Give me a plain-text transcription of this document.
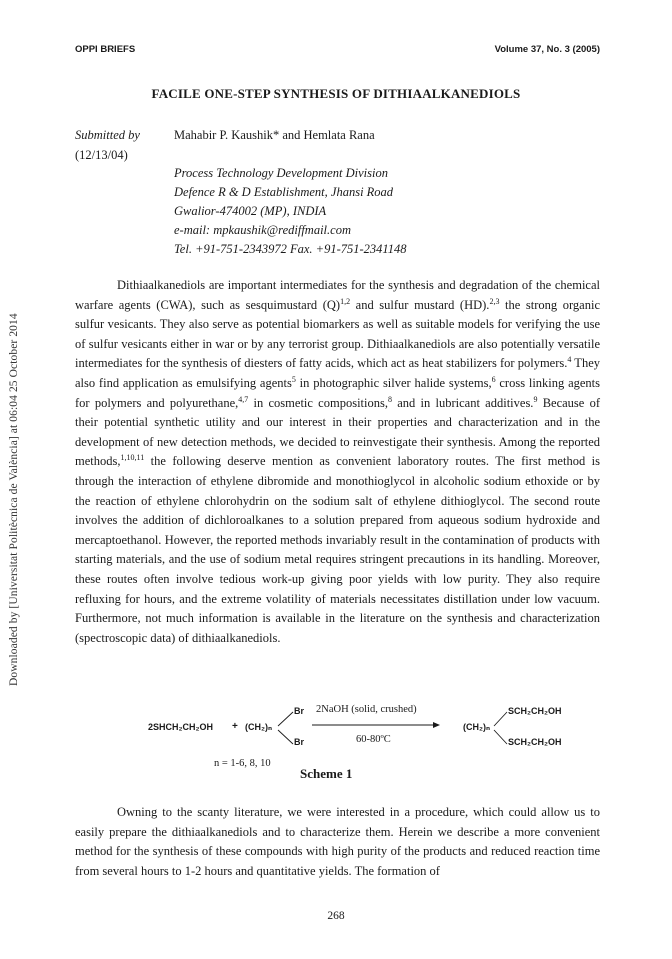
OPPI BRIEFS	Volume 37, No. 3 (2005)
FACILE ONE-STEP SYNTHESIS OF DITHIAALKANEDIOLS
Submitted by
(12/13/04)
Mahabir P. Kaushik* and Hemlata Rana
Process Technology Development Division
Defence R & D Establishment, Jhansi Road
Gwalior-474002 (MP), INDIA
e-mail: mpkaushik@rediffmail.com
Tel. +91-751-2343972 Fax. +91-751-2341148
Downloaded by [Universitat Politècnica de València] at 06:04 25 October 2014

Dithiaalkanediols are important intermediates for the synthesis and degradation of the chemical warfare agents (CWA), such as sesquimustard $(Q)^{1,2}$ and sulfur mustard (HD).$^{2,3}$ the strong organic sulfur vesicants. They also serve as potential biomarkers as well as suitable models for verifying the use of sulfur vesicants either in war or by any terrorist group. Dithiaalkanediols are also potentially versatile intermediates for the synthesis of diesters of fatty acids, which act as heat stabilizers for polymers.$^4$ They also find application as emulsifying agents$^5$ in photographic silver halide systems,$^6$ cross linking agents for polymers and polyurethane,$^{4,7}$ in cosmetic compositions,$^8$ and in lubricant additives.$^9$ Because of their potential synthetic utility and our interest in their properties and characterization and in the development of new detection methods, we decided to reinvestigate their synthesis. Among the reported methods,$^{1,10,11}$ the following deserve mention as convenient laboratory routes. The first method is through the interaction of ethylene dibromide and monothioglycol in alcoholic sodium ethoxide or by the reaction of ethylene chlorohydrin on the sodium salt of ethylene dithioglycol. The second route involves the addition of dichloroalkanes to a solution prepared from aqueous sodium hydroxide and mercaptoethanol. However, the reported methods invariably result in the contamination of products with starting materials, and the use of sodium metal requires stringent precautions in its handling. Moreover, these routes often involve tedious work-up giving poor yields with low purity. They also require refluxing for hours, and the extreme volatility of materials necessitates distillation under low vacuum. Furthermore, not much information is available in the literature on the synthesis and characterization (spectroscopic data) of dithiaalkanediols.

2SHCH₂CH₂OH + (CH₂)ₙ
Br
Br
2NaOH (solid, crushed)
60-80ºC
(CH₂)ₙ
SCH₂CH₂OH
SCH₂CH₂OH
n = 1-6, 8, 10
Scheme 1

Owning to the scanty literature, we were interested in a procedure, which could allow us to easily prepare the dithiaalkanediols and to characterize them. Herein we describe a more convenient method for the synthesis of these compounds with high purity of the products and reduced reaction time from several hours to 1-2 hours and quantitative yields. The formation of

268
